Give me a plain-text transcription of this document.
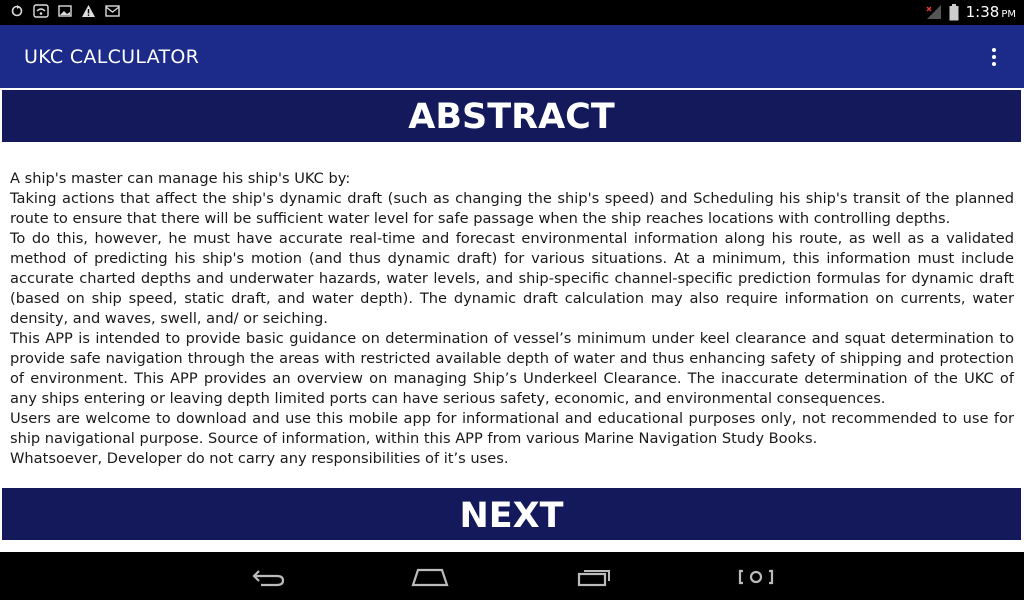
1:38 PM
UKC CALCULATOR
ABSTRACT

A ship's master can manage his ship's UKC by:

Taking actions that affect the ship's dynamic draft (such as changing the ship's speed) and Scheduling his ship's transit of the planned route to ensure that there will be sufficient water level for safe passage when the ship reaches locations with controlling depths.

To do this, however, he must have accurate real-time and forecast environmental information along his route, as well as a validated method of predicting his ship's motion (and thus dynamic draft) for various situations. At a minimum, this information must include accurate charted depths and underwater hazards, water levels, and ship-specific channel-specific prediction formulas for dynamic draft (based on ship speed, static draft, and water depth). The dynamic draft calculation may also require information on currents, water density, and waves, swell, and/ or seiching.

This APP is intended to provide basic guidance on determination of vessel’s minimum under keel clearance and squat determination to provide safe navigation through the areas with restricted available depth of water and thus enhancing safety of shipping and protection of environment. This APP provides an overview on managing Ship’s Underkeel Clearance. The inaccurate determination of the UKC of any ships entering or leaving depth limited ports can have serious safety, economic, and environmental consequences.

Users are welcome to download and use this mobile app for informational and educational purposes only, not recommended to use for ship navigational purpose. Source of information, within this APP from various Marine Navigation Study Books.

Whatsoever, Developer do not carry any responsibilities of it’s uses.

NEXT
